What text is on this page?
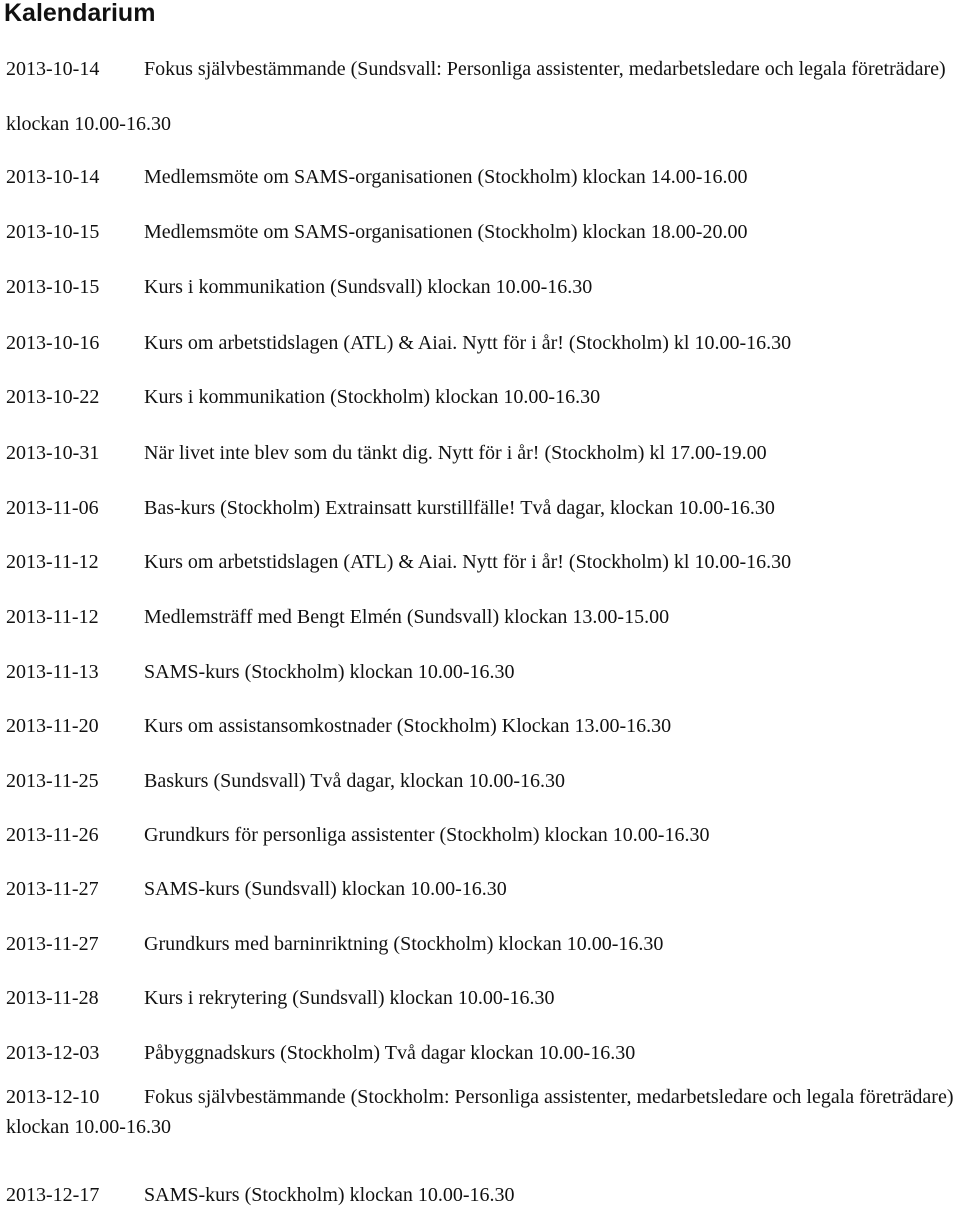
Kalendarium
2013-10-14 Fokus självbestämmande (Sundsvall: Personliga assistenter, medarbetsledare och legala företrädare) klockan 10.00-16.30
2013-10-14 Medlemsmöte om SAMS-organisationen (Stockholm) klockan 14.00-16.00
2013-10-15 Medlemsmöte om SAMS-organisationen (Stockholm) klockan 18.00-20.00
2013-10-15 Kurs i kommunikation (Sundsvall) klockan 10.00-16.30
2013-10-16 Kurs om arbetstidslagen (ATL) & Aiai. Nytt för i år! (Stockholm) kl 10.00-16.30
2013-10-22 Kurs i kommunikation (Stockholm) klockan 10.00-16.30
2013-10-31 När livet inte blev som du tänkt dig. Nytt för i år! (Stockholm) kl 17.00-19.00
2013-11-06 Bas-kurs (Stockholm) Extrainsatt kurstillfälle! Två dagar, klockan 10.00-16.30
2013-11-12 Kurs om arbetstidslagen (ATL) & Aiai. Nytt för i år! (Stockholm) kl 10.00-16.30
2013-11-12 Medlemsträff med Bengt Elmén (Sundsvall) klockan 13.00-15.00
2013-11-13 SAMS-kurs (Stockholm) klockan 10.00-16.30
2013-11-20 Kurs om assistansomkostnader (Stockholm) Klockan 13.00-16.30
2013-11-25 Baskurs (Sundsvall) Två dagar, klockan 10.00-16.30
2013-11-26 Grundkurs för personliga assistenter (Stockholm) klockan 10.00-16.30
2013-11-27 SAMS-kurs (Sundsvall) klockan 10.00-16.30
2013-11-27 Grundkurs med barninriktning (Stockholm) klockan 10.00-16.30
2013-11-28 Kurs i rekrytering (Sundsvall) klockan 10.00-16.30
2013-12-03 Påbyggnadskurs (Stockholm) Två dagar klockan 10.00-16.30
2013-12-10 Fokus självbestämmande (Stockholm: Personliga assistenter, medarbetsledare och legala företrädare) klockan 10.00-16.30
2013-12-17 SAMS-kurs (Stockholm) klockan 10.00-16.30
